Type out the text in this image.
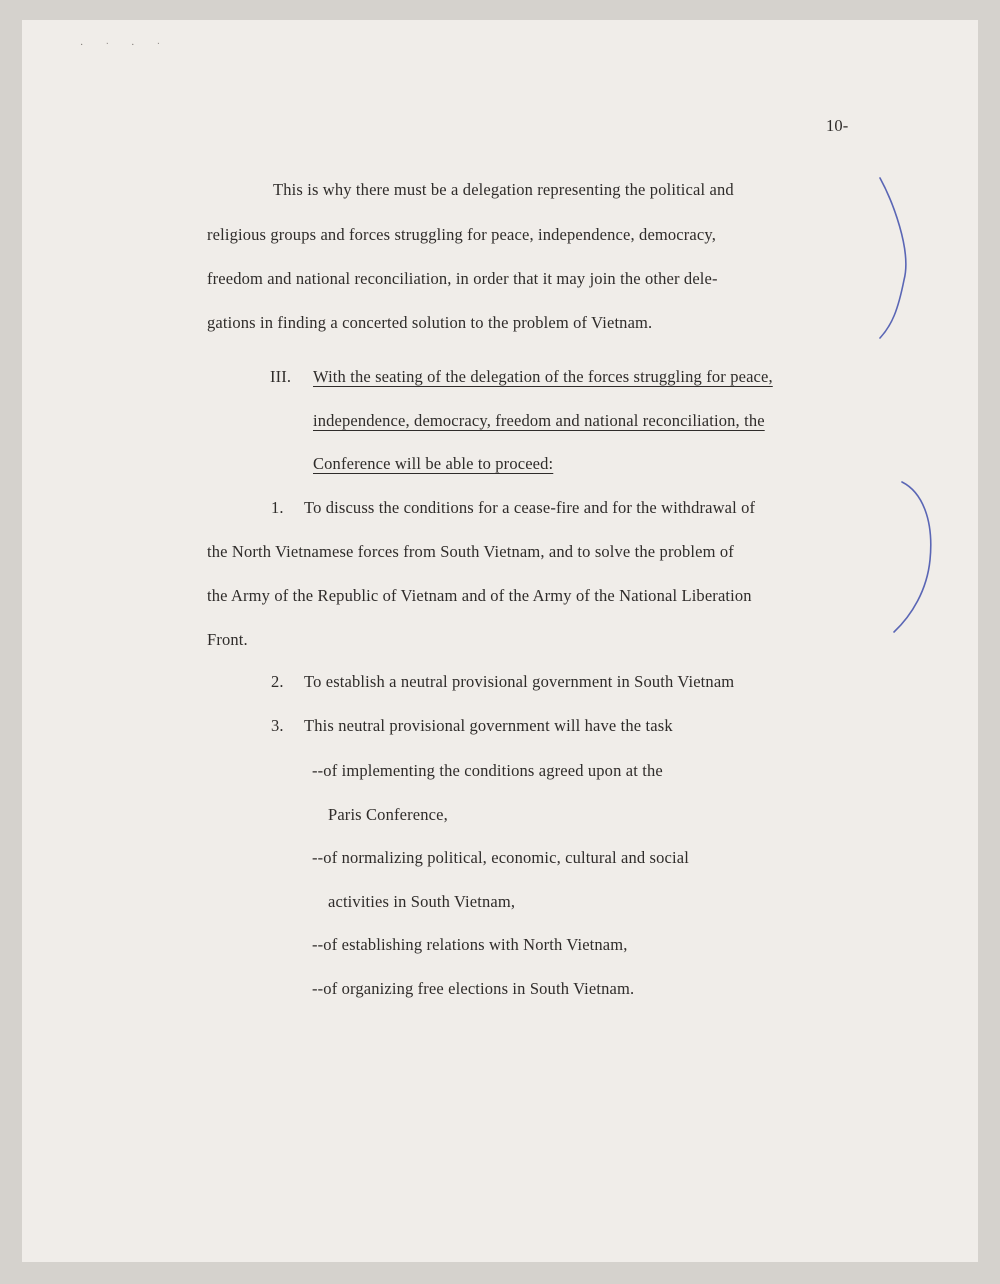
· ˑ · ˑ
10-
This is why there must be a delegation representing the political and
religious groups and forces struggling for peace, independence, democracy,
freedom and national reconciliation, in order that it may join the other dele-
gations in finding a concerted solution to the problem of Vietnam.
III. With the seating of the delegation of the forces struggling for peace,
independence, democracy, freedom and national reconciliation, the
Conference will be able to proceed:
1. To discuss the conditions for a cease-fire and for the withdrawal of
the North Vietnamese forces from South Vietnam, and to solve the problem of
the Army of the Republic of Vietnam and of the Army of the National Liberation
Front.
2. To establish a neutral provisional government in South Vietnam
3. This neutral provisional government will have the task
--of implementing the conditions agreed upon at the
Paris Conference,
--of normalizing political, economic, cultural and social
activities in South Vietnam,
--of establishing relations with North Vietnam,
--of organizing free elections in South Vietnam.
